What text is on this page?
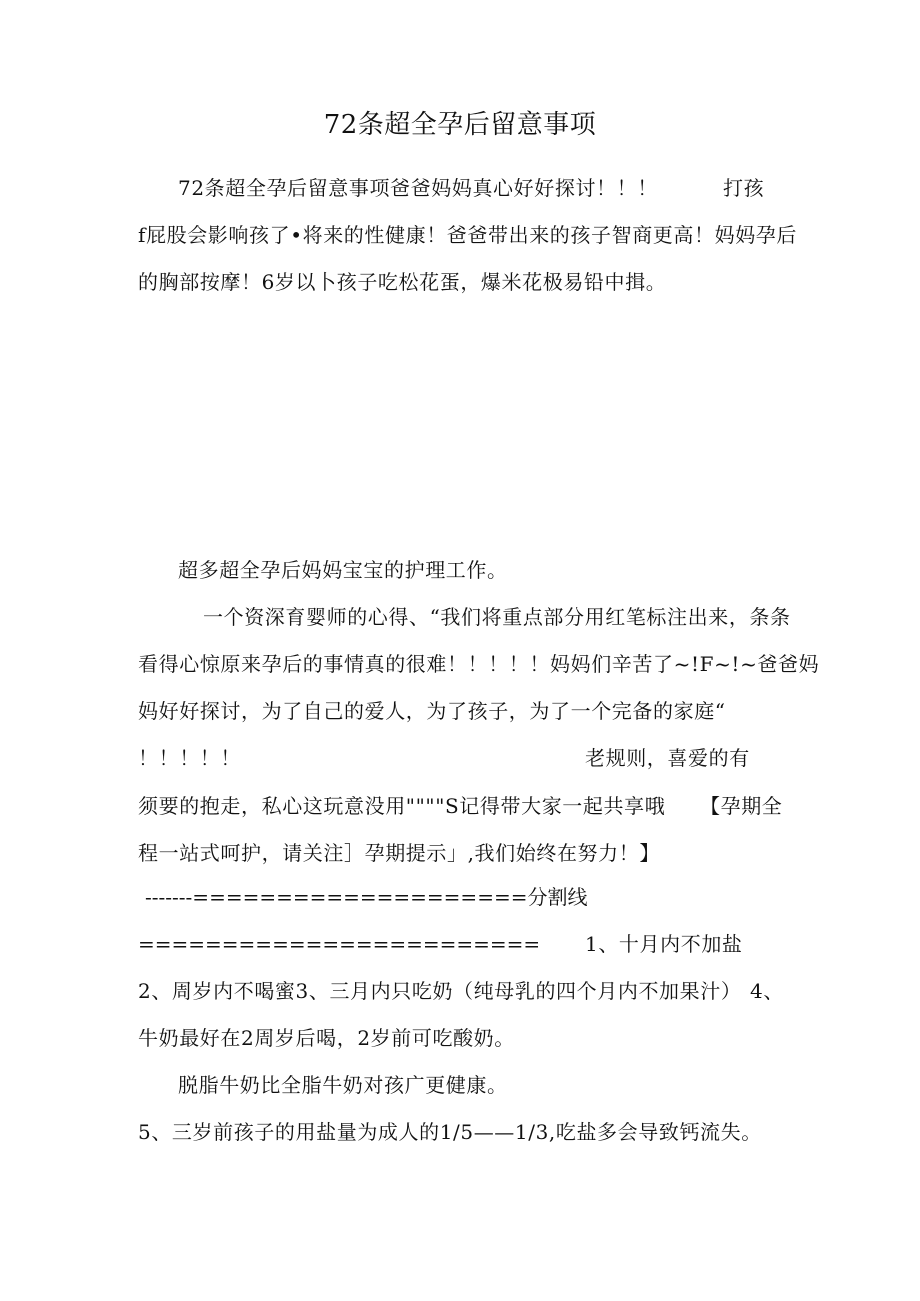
72条超全孕后留意事项
72条超全孕后留意事项爸爸妈妈真心好好探讨！！！	打孩
f屁股会影响孩了•将来的性健康！爸爸带出来的孩子智商更高！妈妈孕后
的胸部按摩！6岁以卜孩子吃松花蛋，爆米花极易铅中揖。
超多超全孕后妈妈宝宝的护理工作。
一个资深育婴师的心得、“我们将重点部分用红笔标注出来，条条
看得心惊原来孕后的事情真的很难！！！！！妈妈们辛苦了~!F~!~爸爸妈
妈好好探讨，为了自己的爱人，为了孩子，为了一个完备的家庭“
！！！！！	老规则，喜爱的有
须要的抱走，私心这玩意没用""""S记得带大家一起共享哦 【孕期全
程一站式呵护，请关注］孕期提示」,我们始终在努力！】
-------====================分割线
======================== 1、十月内不加盐
2、周岁内不喝蜜3、三月内只吃奶（纯母乳的四个月内不加果汁） 4、
牛奶最好在2周岁后喝，2岁前可吃酸奶。
脱脂牛奶比全脂牛奶对孩广更健康。
5、三岁前孩子的用盐量为成人的1/5——1/3,吃盐多会导致钙流失。
